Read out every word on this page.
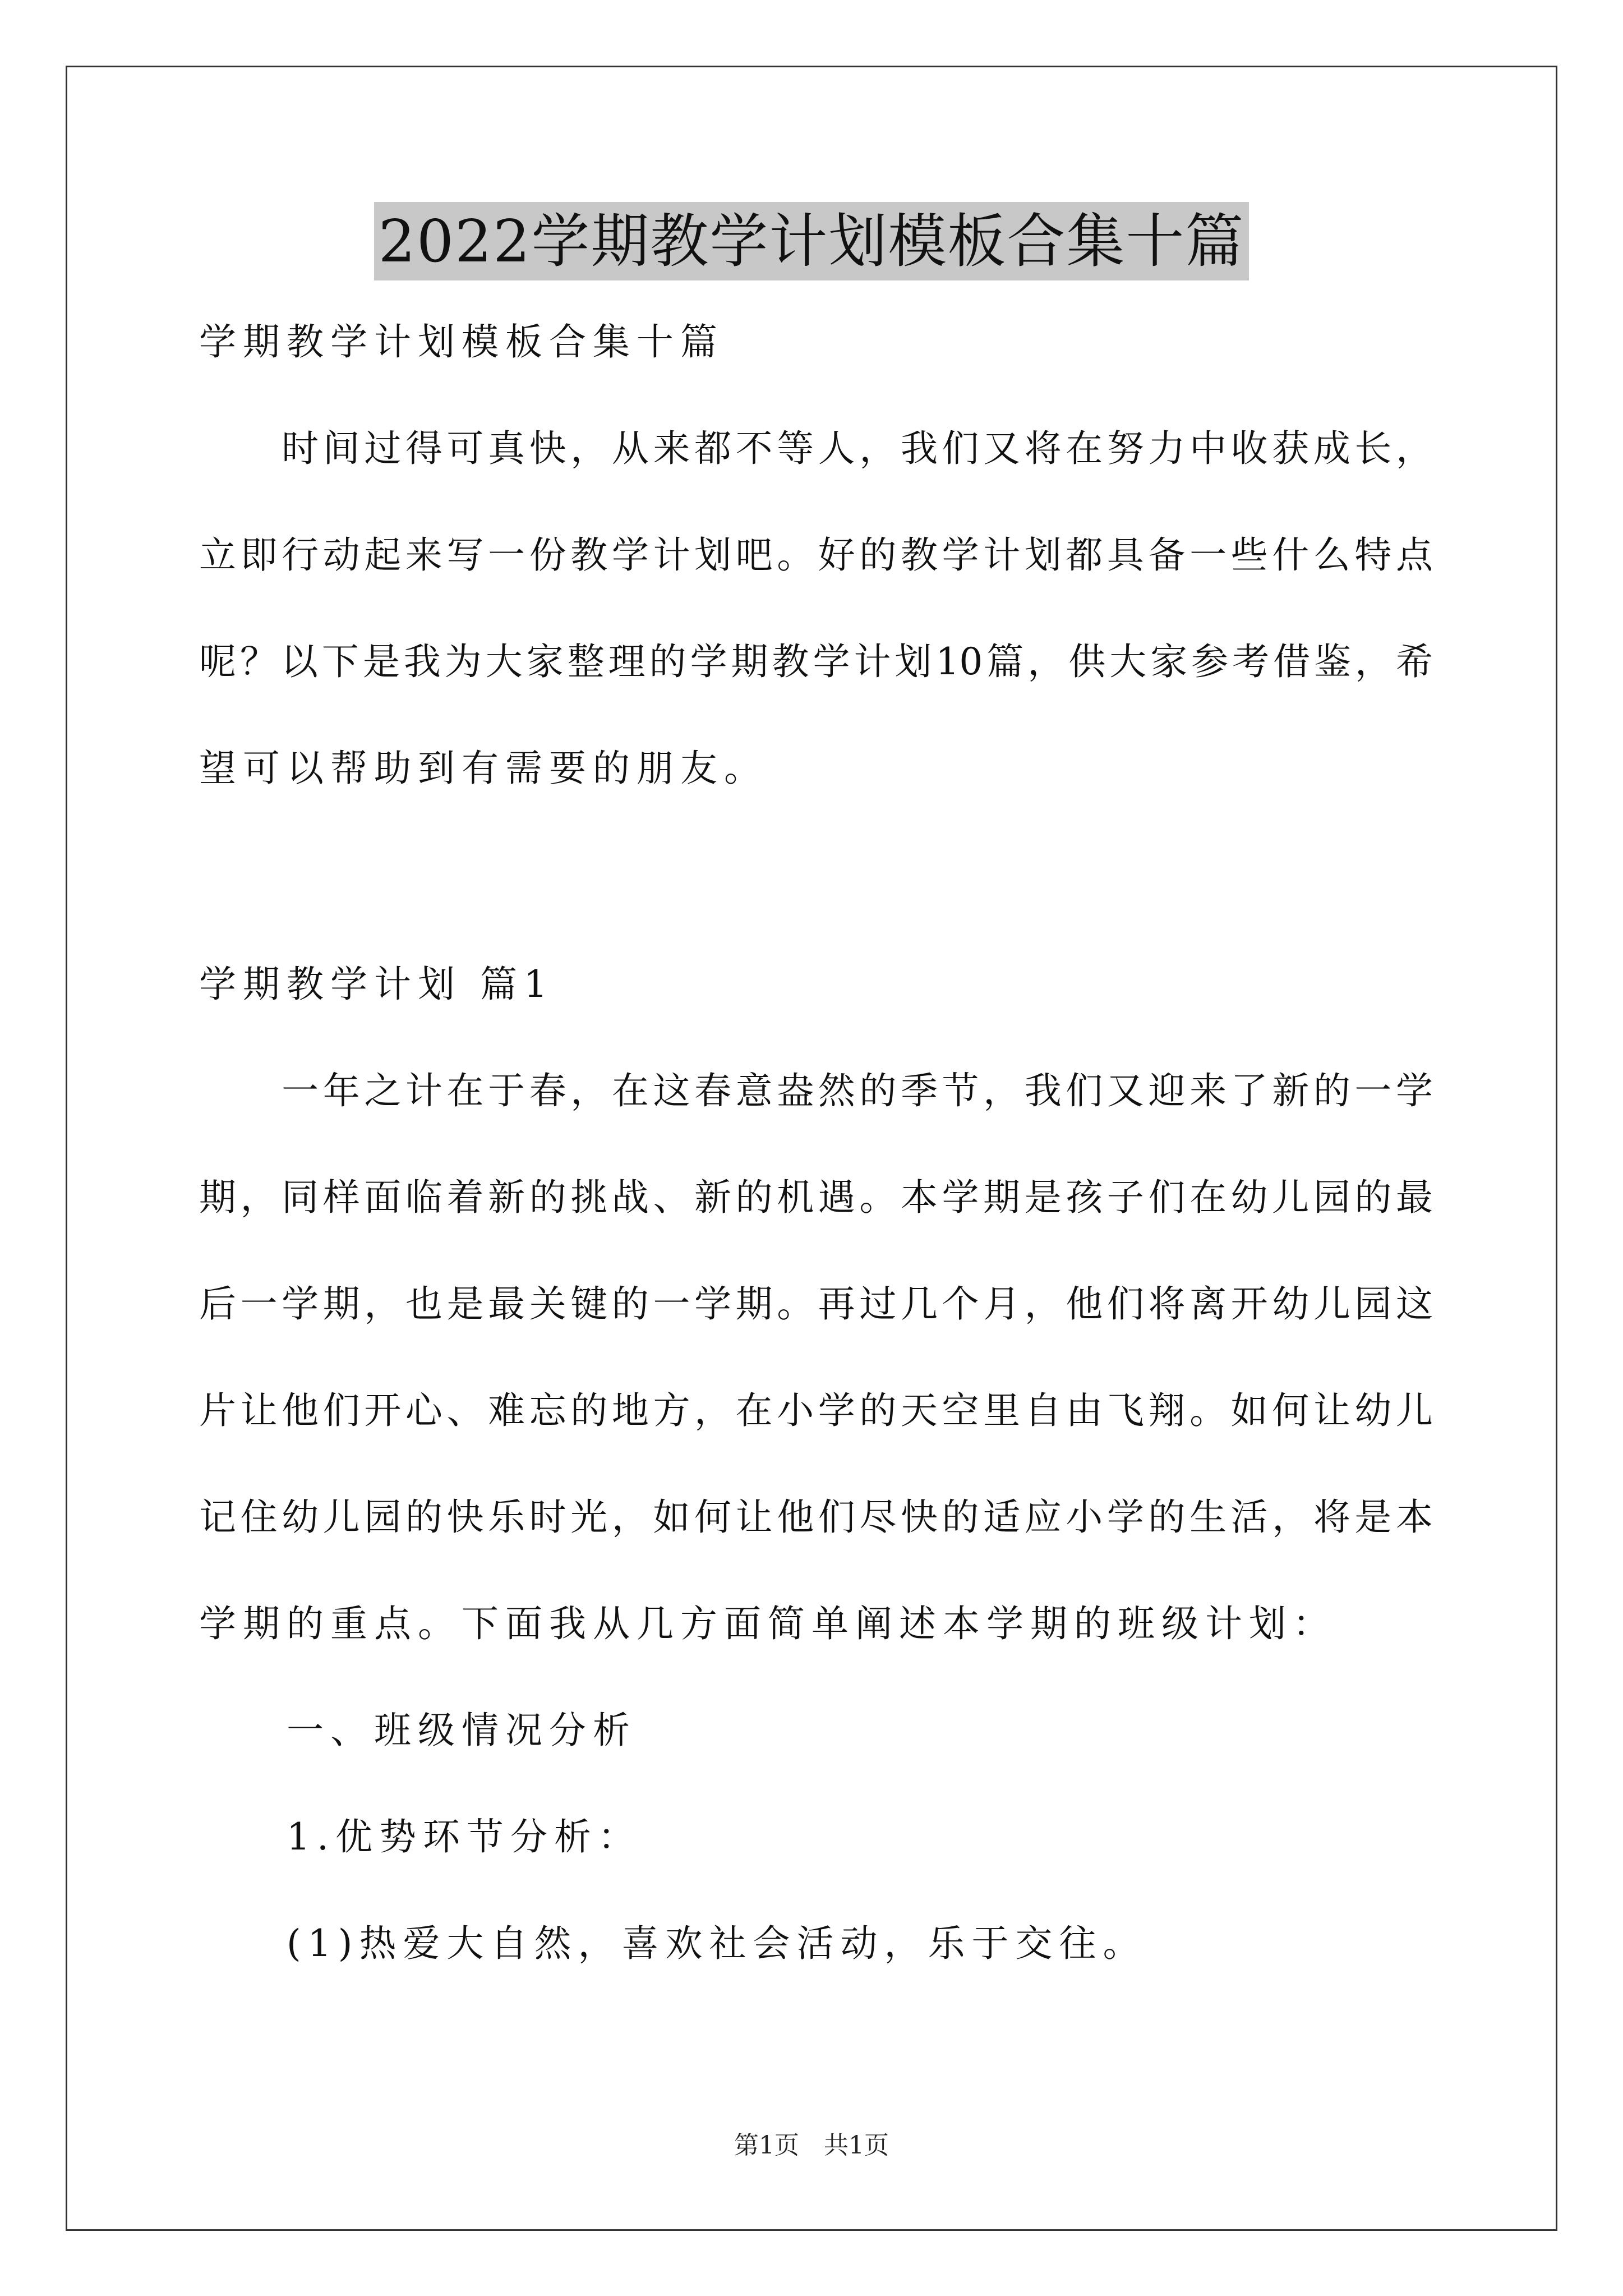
2022学期教学计划模板合集十篇
学期教学计划模板合集十篇
　　时间过得可真快，从来都不等人，我们又将在努力中收获成长，
立即行动起来写一份教学计划吧。好的教学计划都具备一些什么特点
呢？以下是我为大家整理的学期教学计划10篇，供大家参考借鉴，希
望可以帮助到有需要的朋友。
学期教学计划 篇1
　　一年之计在于春，在这春意盎然的季节，我们又迎来了新的一学
期，同样面临着新的挑战、新的机遇。本学期是孩子们在幼儿园的最
后一学期，也是最关键的一学期。再过几个月，他们将离开幼儿园这
片让他们开心、难忘的地方，在小学的天空里自由飞翔。如何让幼儿
记住幼儿园的快乐时光，如何让他们尽快的适应小学的生活，将是本
学期的重点。下面我从几方面简单阐述本学期的班级计划：
　　一、班级情况分析
　　1.优势环节分析：
　　(1)热爱大自然，喜欢社会活动，乐于交往。
第1页　共1页
